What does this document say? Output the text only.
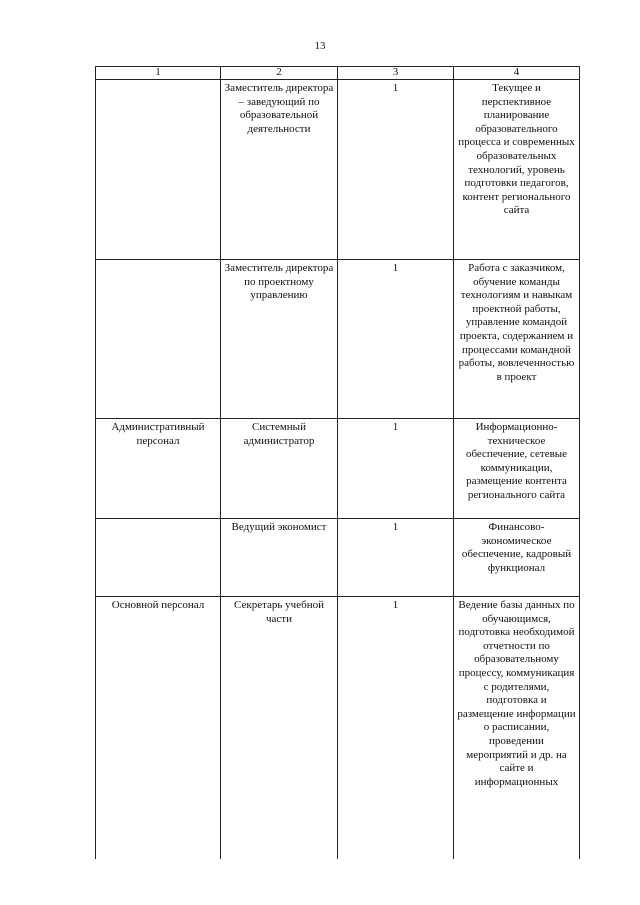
13
1	2	3	4
	Заместитель директора – заведующий по образовательной деятельности	1	Текущее и перспективное планирование образовательного процесса и современных образовательных технологий, уровень подготовки педагогов, контент регионального сайта
	Заместитель директора по проектному управлению	1	Работа с заказчиком, обучение команды технологиям и навыкам проектной работы, управление командой проекта, содержанием и процессами командной работы, вовлеченностью в проект
Административный персонал	Системный администратор	1	Информационно-техническое обеспечение, сетевые коммуникации, размещение контента регионального сайта
	Ведущий экономист	1	Финансово-экономическое обеспечение, кадровый функционал
Основной персонал	Секретарь учебной части	1	Ведение базы данных по обучающимся, подготовка необходимой отчетности по образовательному процессу, коммуникация с родителями, подготовка и размещение информации о расписании, проведении мероприятий и др. на сайте и информационных
